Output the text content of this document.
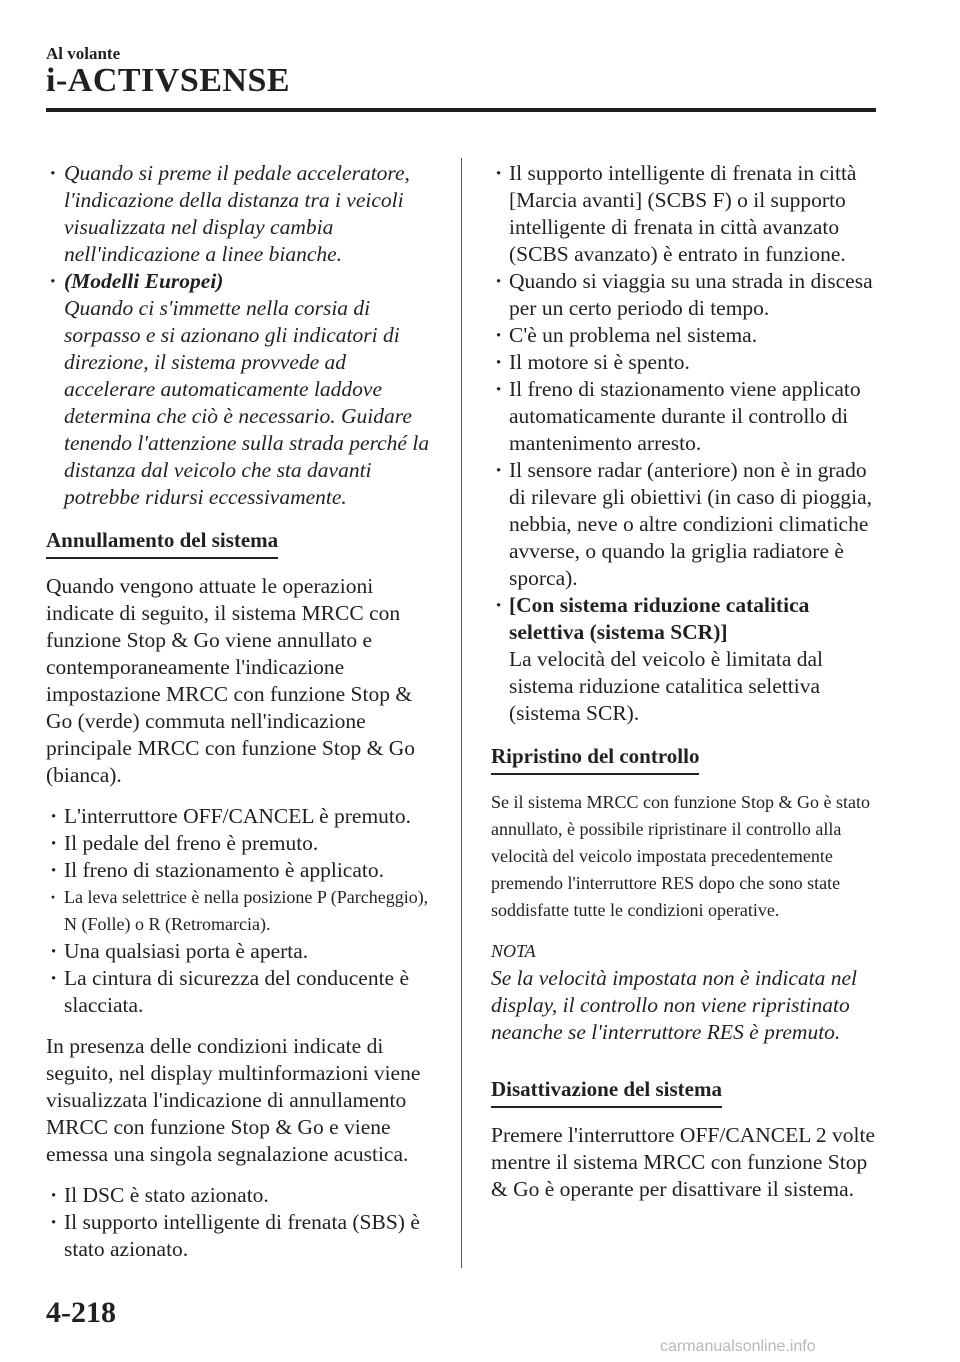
Al volante
i-ACTIVSENSE

· Quando si preme il pedale acceleratore, l'indicazione della distanza tra i veicoli visualizzata nel display cambia nell'indicazione a linee bianche.

· (Modelli Europei)
Quando ci s'immette nella corsia di sorpasso e si azionano gli indicatori di direzione, il sistema provvede ad accelerare automaticamente laddove determina che ciò è necessario. Guidare tenendo l'attenzione sulla strada perché la distanza dal veicolo che sta davanti potrebbe ridursi eccessivamente.

Annullamento del sistema

Quando vengono attuate le operazioni indicate di seguito, il sistema MRCC con funzione Stop & Go viene annullato e contemporaneamente l'indicazione impostazione MRCC con funzione Stop & Go (verde) commuta nell'indicazione principale MRCC con funzione Stop & Go (bianca).

· L'interruttore OFF/CANCEL è premuto.

· Il pedale del freno è premuto.

· Il freno di stazionamento è applicato.

· La leva selettrice è nella posizione P (Parcheggio), N (Folle) o R (Retromarcia).

· Una qualsiasi porta è aperta.

· La cintura di sicurezza del conducente è slacciata.

In presenza delle condizioni indicate di seguito, nel display multinformazioni viene visualizzata l'indicazione di annullamento MRCC con funzione Stop & Go e viene emessa una singola segnalazione acustica.

· Il DSC è stato azionato.

· Il supporto intelligente di frenata (SBS) è stato azionato.

· Il supporto intelligente di frenata in città [Marcia avanti] (SCBS F) o il supporto intelligente di frenata in città avanzato (SCBS avanzato) è entrato in funzione.

· Quando si viaggia su una strada in discesa per un certo periodo di tempo.

· C'è un problema nel sistema.

· Il motore si è spento.

· Il freno di stazionamento viene applicato automaticamente durante il controllo di mantenimento arresto.

· Il sensore radar (anteriore) non è in grado di rilevare gli obiettivi (in caso di pioggia, nebbia, neve o altre condizioni climatiche avverse, o quando la griglia radiatore è sporca).

· [Con sistema riduzione catalitica selettiva (sistema SCR)]
La velocità del veicolo è limitata dal sistema riduzione catalitica selettiva (sistema SCR).

Ripristino del controllo

Se il sistema MRCC con funzione Stop & Go è stato annullato, è possibile ripristinare il controllo alla velocità del veicolo impostata precedentemente premendo l'interruttore RES dopo che sono state soddisfatte tutte le condizioni operative.

NOTA

Se la velocità impostata non è indicata nel display, il controllo non viene ripristinato neanche se l'interruttore RES è premuto.

Disattivazione del sistema

Premere l'interruttore OFF/CANCEL 2 volte mentre il sistema MRCC con funzione Stop & Go è operante per disattivare il sistema.

4-218
carmanualsonline.info
